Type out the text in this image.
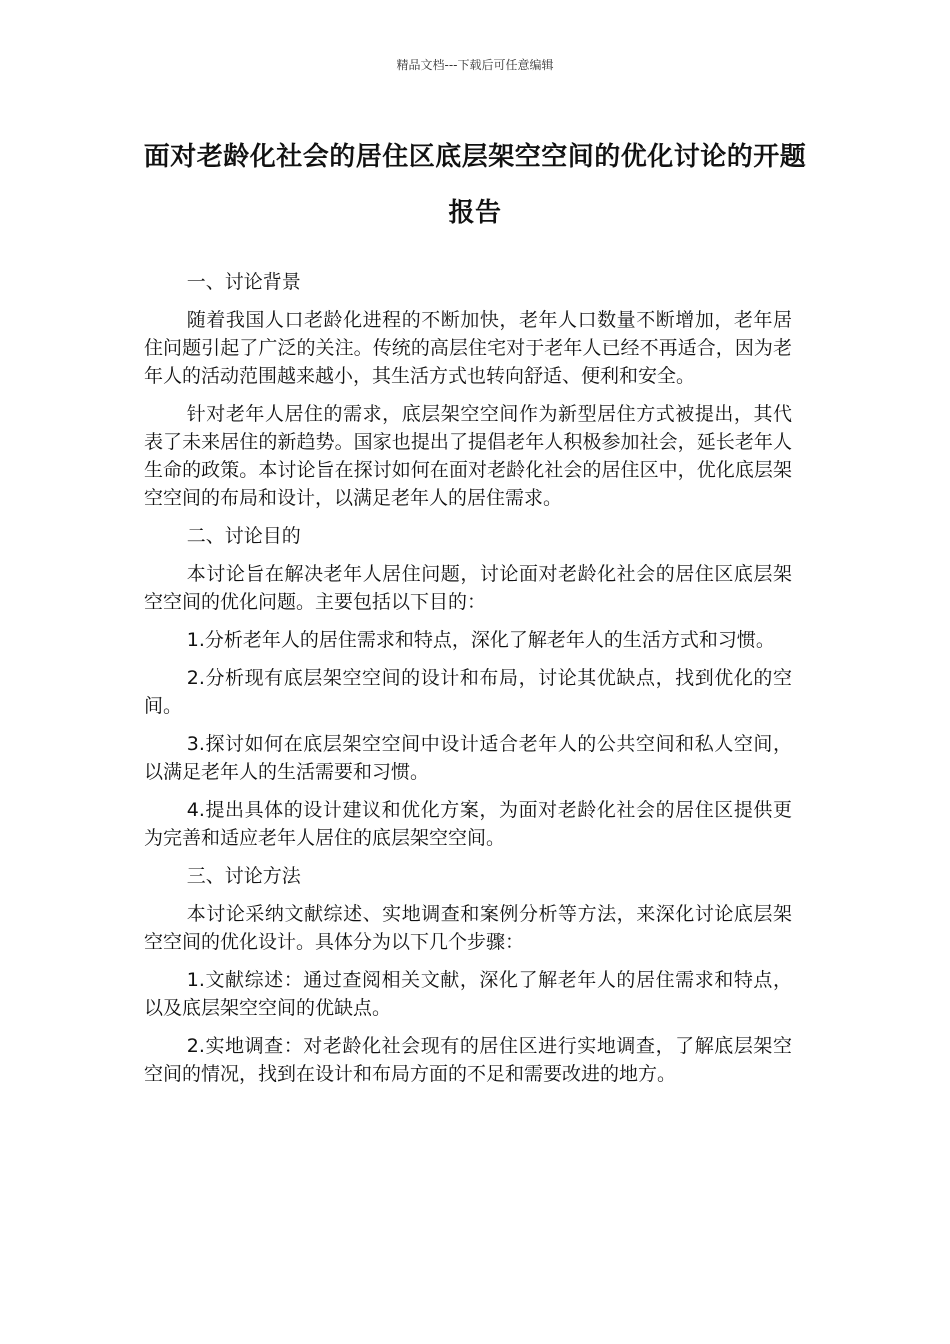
精品文档---下载后可任意编辑
面对老龄化社会的居住区底层架空空间的优化讨论的开题报告

一、讨论背景

随着我国人口老龄化进程的不断加快，老年人口数量不断增加，老年居住问题引起了广泛的关注。传统的高层住宅对于老年人已经不再适合，因为老年人的活动范围越来越小，其生活方式也转向舒适、便利和安全。

针对老年人居住的需求，底层架空空间作为新型居住方式被提出，其代表了未来居住的新趋势。国家也提出了提倡老年人积极参加社会，延长老年人生命的政策。本讨论旨在探讨如何在面对老龄化社会的居住区中，优化底层架空空间的布局和设计，以满足老年人的居住需求。

二、讨论目的

本讨论旨在解决老年人居住问题，讨论面对老龄化社会的居住区底层架空空间的优化问题。主要包括以下目的：

1.分析老年人的居住需求和特点，深化了解老年人的生活方式和习惯。

2.分析现有底层架空空间的设计和布局，讨论其优缺点，找到优化的空间。

3.探讨如何在底层架空空间中设计适合老年人的公共空间和私人空间，以满足老年人的生活需要和习惯。

4.提出具体的设计建议和优化方案，为面对老龄化社会的居住区提供更为完善和适应老年人居住的底层架空空间。

三、讨论方法

本讨论采纳文献综述、实地调查和案例分析等方法，来深化讨论底层架空空间的优化设计。具体分为以下几个步骤：

1.文献综述：通过查阅相关文献，深化了解老年人的居住需求和特点，以及底层架空空间的优缺点。

2.实地调查：对老龄化社会现有的居住区进行实地调查，了解底层架空空间的情况，找到在设计和布局方面的不足和需要改进的地方。
